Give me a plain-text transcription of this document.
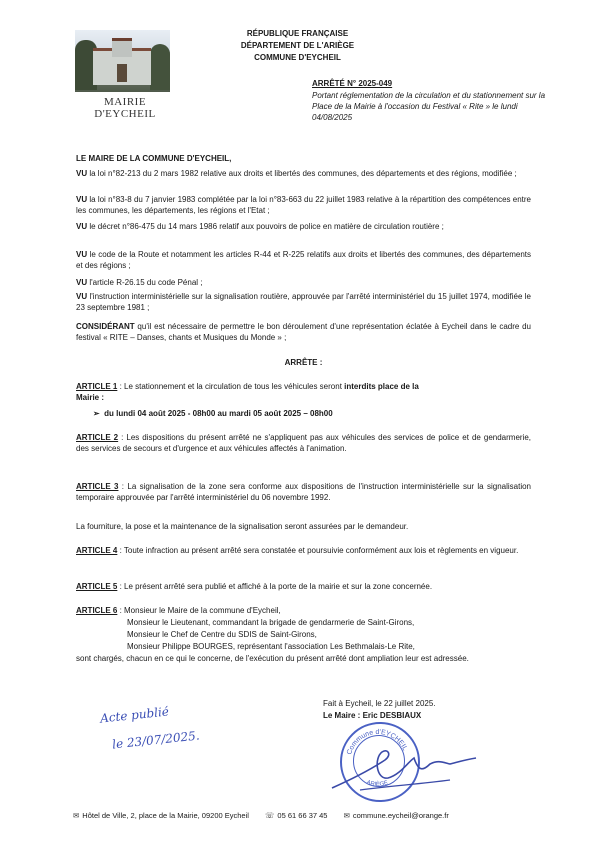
MAIRIE D'EYCHEIL
RÉPUBLIQUE FRANÇAISE
DÉPARTEMENT DE L'ARIÈGE
COMMUNE D'EYCHEIL
ARRÊTÉ N° 2025-049
Portant réglementation de la circulation et du stationnement sur la Place de la Mairie à l'occasion du Festival « Rite » le lundi 04/08/2025
LE MAIRE DE LA COMMUNE D'EYCHEIL,
VU la loi n°82-213 du 2 mars 1982 relative aux droits et libertés des communes, des départements et des régions, modifiée ;
VU la loi n°83-8 du 7 janvier 1983 complétée par la loi n°83-663 du 22 juillet 1983 relative à la répartition des compétences entre les communes, les départements, les régions et l'Etat ;
VU le décret n°86-475 du 14 mars 1986 relatif aux pouvoirs de police en matière de circulation routière ;
VU le code de la Route et notamment les articles R-44 et R-225 relatifs aux droits et libertés des communes, des départements et des régions ;
VU l'article R-26.15 du code Pénal ;
VU l'instruction interministérielle sur la signalisation routière, approuvée par l'arrêté interministériel du 15 juillet 1974, modifiée le 23 septembre 1981 ;
CONSIDÉRANT qu'il est nécessaire de permettre le bon déroulement d'une représentation éclatée à Eycheil dans le cadre du festival « RITE – Danses, chants et Musiques du Monde » ;
ARRÊTE :
ARTICLE 1 : Le stationnement et la circulation de tous les véhicules seront interdits place de la
Mairie :
➢  du lundi 04 août 2025 - 08h00 au mardi 05 août 2025 – 08h00
ARTICLE 2 : Les dispositions du présent arrêté ne s'appliquent pas aux véhicules des services de police et de gendarmerie, des services de secours et d'urgence et aux véhicules affectés à l'animation.
ARTICLE 3 : La signalisation de la zone sera conforme aux dispositions de l'instruction interministérielle sur la signalisation temporaire approuvée par l'arrêté interministériel du 06 novembre 1992.
La fourniture, la pose et la maintenance de la signalisation seront assurées par le demandeur.
ARTICLE 4 : Toute infraction au présent arrêté sera constatée et poursuivie conformément aux lois et règlements en vigueur.
ARTICLE 5 : Le présent arrêté sera publié et affiché à la porte de la mairie et sur la zone concernée.
ARTICLE 6 : Monsieur le Maire de la commune d'Eycheil,
Monsieur le Lieutenant, commandant la brigade de gendarmerie de Saint-Girons,
Monsieur le Chef de Centre du SDIS de Saint-Girons,
Monsieur Philippe BOURGES, représentant l'association Les Bethmalais-Le Rite,
sont chargés, chacun en ce qui le concerne, de l'exécution du présent arrêté dont ampliation leur est adressée.
Fait à Eycheil, le 22 juillet 2025.
Le Maire : Eric DESBIAUX
Acte publié
le 23/07/2025.
Commune d'EYCHEIL
ARIÈGE
✉ Hôtel de Ville, 2, place de la Mairie, 09200 Eycheil ☏ 05 61 66 37 45 ✉ commune.eycheil@orange.fr
